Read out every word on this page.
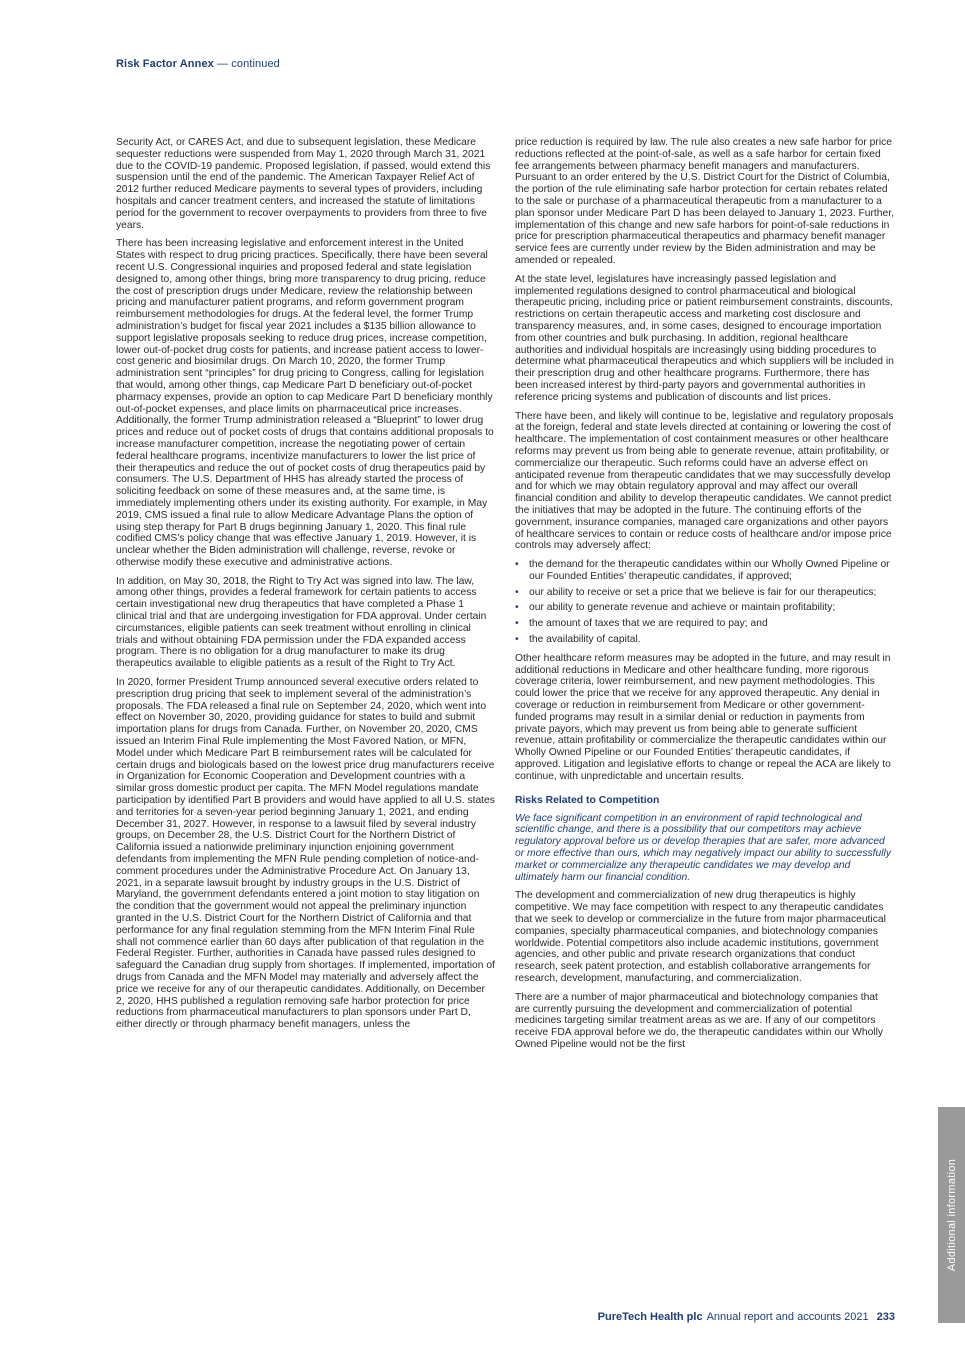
Risk Factor Annex — continued

Security Act, or CARES Act, and due to subsequent legislation, these Medicare sequester reductions were suspended from May 1, 2020 through March 31, 2021 due to the COVID-19 pandemic. Proposed legislation, if passed, would extend this suspension until the end of the pandemic. The American Taxpayer Relief Act of 2012 further reduced Medicare payments to several types of providers, including hospitals and cancer treatment centers, and increased the statute of limitations period for the government to recover overpayments to providers from three to five years.

There has been increasing legislative and enforcement interest in the United States with respect to drug pricing practices. Specifically, there have been several recent U.S. Congressional inquiries and proposed federal and state legislation designed to, among other things, bring more transparency to drug pricing, reduce the cost of prescription drugs under Medicare, review the relationship between pricing and manufacturer patient programs, and reform government program reimbursement methodologies for drugs. At the federal level, the former Trump administration’s budget for fiscal year 2021 includes a $135 billion allowance to support legislative proposals seeking to reduce drug prices, increase competition, lower out-of-pocket drug costs for patients, and increase patient access to lower-cost generic and biosimilar drugs. On March 10, 2020, the former Trump administration sent “principles” for drug pricing to Congress, calling for legislation that would, among other things, cap Medicare Part D beneficiary out-of-pocket pharmacy expenses, provide an option to cap Medicare Part D beneficiary monthly out-of-pocket expenses, and place limits on pharmaceutical price increases. Additionally, the former Trump administration released a “Blueprint” to lower drug prices and reduce out of pocket costs of drugs that contains additional proposals to increase manufacturer competition, increase the negotiating power of certain federal healthcare programs, incentivize manufacturers to lower the list price of their therapeutics and reduce the out of pocket costs of drug therapeutics paid by consumers. The U.S. Department of HHS has already started the process of soliciting feedback on some of these measures and, at the same time, is immediately implementing others under its existing authority. For example, in May 2019, CMS issued a final rule to allow Medicare Advantage Plans the option of using step therapy for Part B drugs beginning January 1, 2020. This final rule codified CMS’s policy change that was effective January 1, 2019. However, it is unclear whether the Biden administration will challenge, reverse, revoke or otherwise modify these executive and administrative actions.

In addition, on May 30, 2018, the Right to Try Act was signed into law. The law, among other things, provides a federal framework for certain patients to access certain investigational new drug therapeutics that have completed a Phase 1 clinical trial and that are undergoing investigation for FDA approval. Under certain circumstances, eligible patients can seek treatment without enrolling in clinical trials and without obtaining FDA permission under the FDA expanded access program. There is no obligation for a drug manufacturer to make its drug therapeutics available to eligible patients as a result of the Right to Try Act.

In 2020, former President Trump announced several executive orders related to prescription drug pricing that seek to implement several of the administration’s proposals. The FDA released a final rule on September 24, 2020, which went into effect on November 30, 2020, providing guidance for states to build and submit importation plans for drugs from Canada. Further, on November 20, 2020, CMS issued an Interim Final Rule implementing the Most Favored Nation, or MFN, Model under which Medicare Part B reimbursement rates will be calculated for certain drugs and biologicals based on the lowest price drug manufacturers receive in Organization for Economic Cooperation and Development countries with a similar gross domestic product per capita. The MFN Model regulations mandate participation by identified Part B providers and would have applied to all U.S. states and territories for a seven-year period beginning January 1, 2021, and ending December 31, 2027. However, in response to a lawsuit filed by several industry groups, on December 28, the U.S. District Court for the Northern District of California issued a nationwide preliminary injunction enjoining government defendants from implementing the MFN Rule pending completion of notice-and-comment procedures under the Administrative Procedure Act. On January 13, 2021, in a separate lawsuit brought by industry groups in the U.S. District of Maryland, the government defendants entered a joint motion to stay litigation on the condition that the government would not appeal the preliminary injunction granted in the U.S. District Court for the Northern District of California and that performance for any final regulation stemming from the MFN Interim Final Rule shall not commence earlier than 60 days after publication of that regulation in the Federal Register. Further, authorities in Canada have passed rules designed to safeguard the Canadian drug supply from shortages. If implemented, importation of drugs from Canada and the MFN Model may materially and adversely affect the price we receive for any of our therapeutic candidates. Additionally, on December 2, 2020, HHS published a regulation removing safe harbor protection for price reductions from pharmaceutical manufacturers to plan sponsors under Part D, either directly or through pharmacy benefit managers, unless the

price reduction is required by law. The rule also creates a new safe harbor for price reductions reflected at the point-of-sale, as well as a safe harbor for certain fixed fee arrangements between pharmacy benefit managers and manufacturers. Pursuant to an order entered by the U.S. District Court for the District of Columbia, the portion of the rule eliminating safe harbor protection for certain rebates related to the sale or purchase of a pharmaceutical therapeutic from a manufacturer to a plan sponsor under Medicare Part D has been delayed to January 1, 2023. Further, implementation of this change and new safe harbors for point-of-sale reductions in price for prescription pharmaceutical therapeutics and pharmacy benefit manager service fees are currently under review by the Biden administration and may be amended or repealed.

At the state level, legislatures have increasingly passed legislation and implemented regulations designed to control pharmaceutical and biological therapeutic pricing, including price or patient reimbursement constraints, discounts, restrictions on certain therapeutic access and marketing cost disclosure and transparency measures, and, in some cases, designed to encourage importation from other countries and bulk purchasing. In addition, regional healthcare authorities and individual hospitals are increasingly using bidding procedures to determine what pharmaceutical therapeutics and which suppliers will be included in their prescription drug and other healthcare programs. Furthermore, there has been increased interest by third-party payors and governmental authorities in reference pricing systems and publication of discounts and list prices.

There have been, and likely will continue to be, legislative and regulatory proposals at the foreign, federal and state levels directed at containing or lowering the cost of healthcare. The implementation of cost containment measures or other healthcare reforms may prevent us from being able to generate revenue, attain profitability, or commercialize our therapeutic. Such reforms could have an adverse effect on anticipated revenue from therapeutic candidates that we may successfully develop and for which we may obtain regulatory approval and may affect our overall financial condition and ability to develop therapeutic candidates. We cannot predict the initiatives that may be adopted in the future. The continuing efforts of the government, insurance companies, managed care organizations and other payors of healthcare services to contain or reduce costs of healthcare and/or impose price controls may adversely affect:

• the demand for the therapeutic candidates within our Wholly Owned Pipeline or our Founded Entities’ therapeutic candidates, if approved;
• our ability to receive or set a price that we believe is fair for our therapeutics;
• our ability to generate revenue and achieve or maintain profitability;
• the amount of taxes that we are required to pay; and
• the availability of capital.

Other healthcare reform measures may be adopted in the future, and may result in additional reductions in Medicare and other healthcare funding, more rigorous coverage criteria, lower reimbursement, and new payment methodologies. This could lower the price that we receive for any approved therapeutic. Any denial in coverage or reduction in reimbursement from Medicare or other government-funded programs may result in a similar denial or reduction in payments from private payors, which may prevent us from being able to generate sufficient revenue, attain profitability or commercialize the therapeutic candidates within our Wholly Owned Pipeline or our Founded Entities’ therapeutic candidates, if approved. Litigation and legislative efforts to change or repeal the ACA are likely to continue, with unpredictable and uncertain results.

Risks Related to Competition

We face significant competition in an environment of rapid technological and scientific change, and there is a possibility that our competitors may achieve regulatory approval before us or develop therapies that are safer, more advanced or more effective than ours, which may negatively impact our ability to successfully market or commercialize any therapeutic candidates we may develop and ultimately harm our financial condition.

The development and commercialization of new drug therapeutics is highly competitive. We may face competition with respect to any therapeutic candidates that we seek to develop or commercialize in the future from major pharmaceutical companies, specialty pharmaceutical companies, and biotechnology companies worldwide. Potential competitors also include academic institutions, government agencies, and other public and private research organizations that conduct research, seek patent protection, and establish collaborative arrangements for research, development, manufacturing, and commercialization.

There are a number of major pharmaceutical and biotechnology companies that are currently pursuing the development and commercialization of potential medicines targeting similar treatment areas as we are. If any of our competitors receive FDA approval before we do, the therapeutic candidates within our Wholly Owned Pipeline would not be the first

Additional information
PureTech Health plc Annual report and accounts 2021 233
